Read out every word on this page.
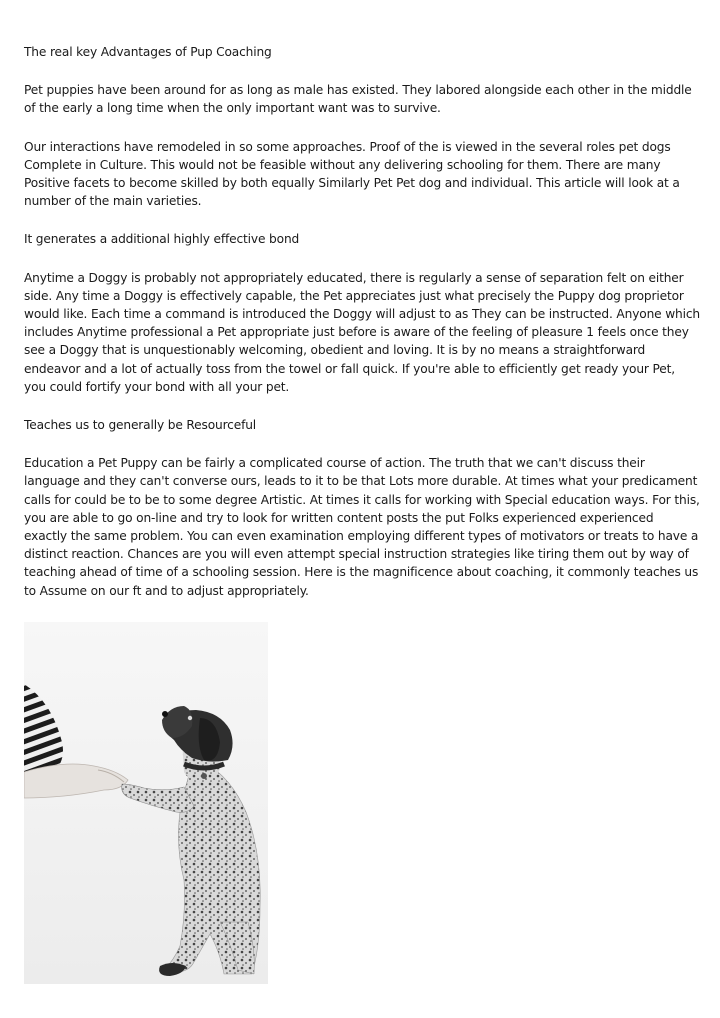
The real key Advantages of Pup Coaching

Pet puppies have been around for as long as male has existed. They labored alongside each other in the middle of the early a long time when the only important want was to survive.

Our interactions have remodeled in so some approaches. Proof of the is viewed in the several roles pet dogs Complete in Culture. This would not be feasible without any delivering schooling for them. There are many Positive facets to become skilled by both equally Similarly Pet Pet dog and individual. This article will look at a number of the main varieties.

It generates a additional highly effective bond

Anytime a Doggy is probably not appropriately educated, there is regularly a sense of separation felt on either side. Any time a Doggy is effectively capable, the Pet appreciates just what precisely the Puppy dog proprietor would like. Each time a command is introduced the Doggy will adjust to as They can be instructed. Anyone which includes Anytime professional a Pet appropriate just before is aware of the feeling of pleasure 1 feels once they see a Doggy that is unquestionably welcoming, obedient and loving. It is by no means a straightforward endeavor and a lot of actually toss from the towel or fall quick. If you're able to efficiently get ready your Pet, you could fortify your bond with all your pet.

Teaches us to generally be Resourceful

Education a Pet Puppy can be fairly a complicated course of action. The truth that we can't discuss their language and they can't converse ours, leads to it to be that Lots more durable. At times what your predicament calls for could be to be to some degree Artistic. At times it calls for working with Special education ways. For this, you are able to go on-line and try to look for written content posts the put Folks experienced experienced exactly the same problem. You can even examination employing different types of motivators or treats to have a distinct reaction. Chances are you will even attempt special instruction strategies like tiring them out by way of teaching ahead of time of a schooling session. Here is the magnificence about coaching, it commonly teaches us to Assume on our ft and to adjust appropriately.
